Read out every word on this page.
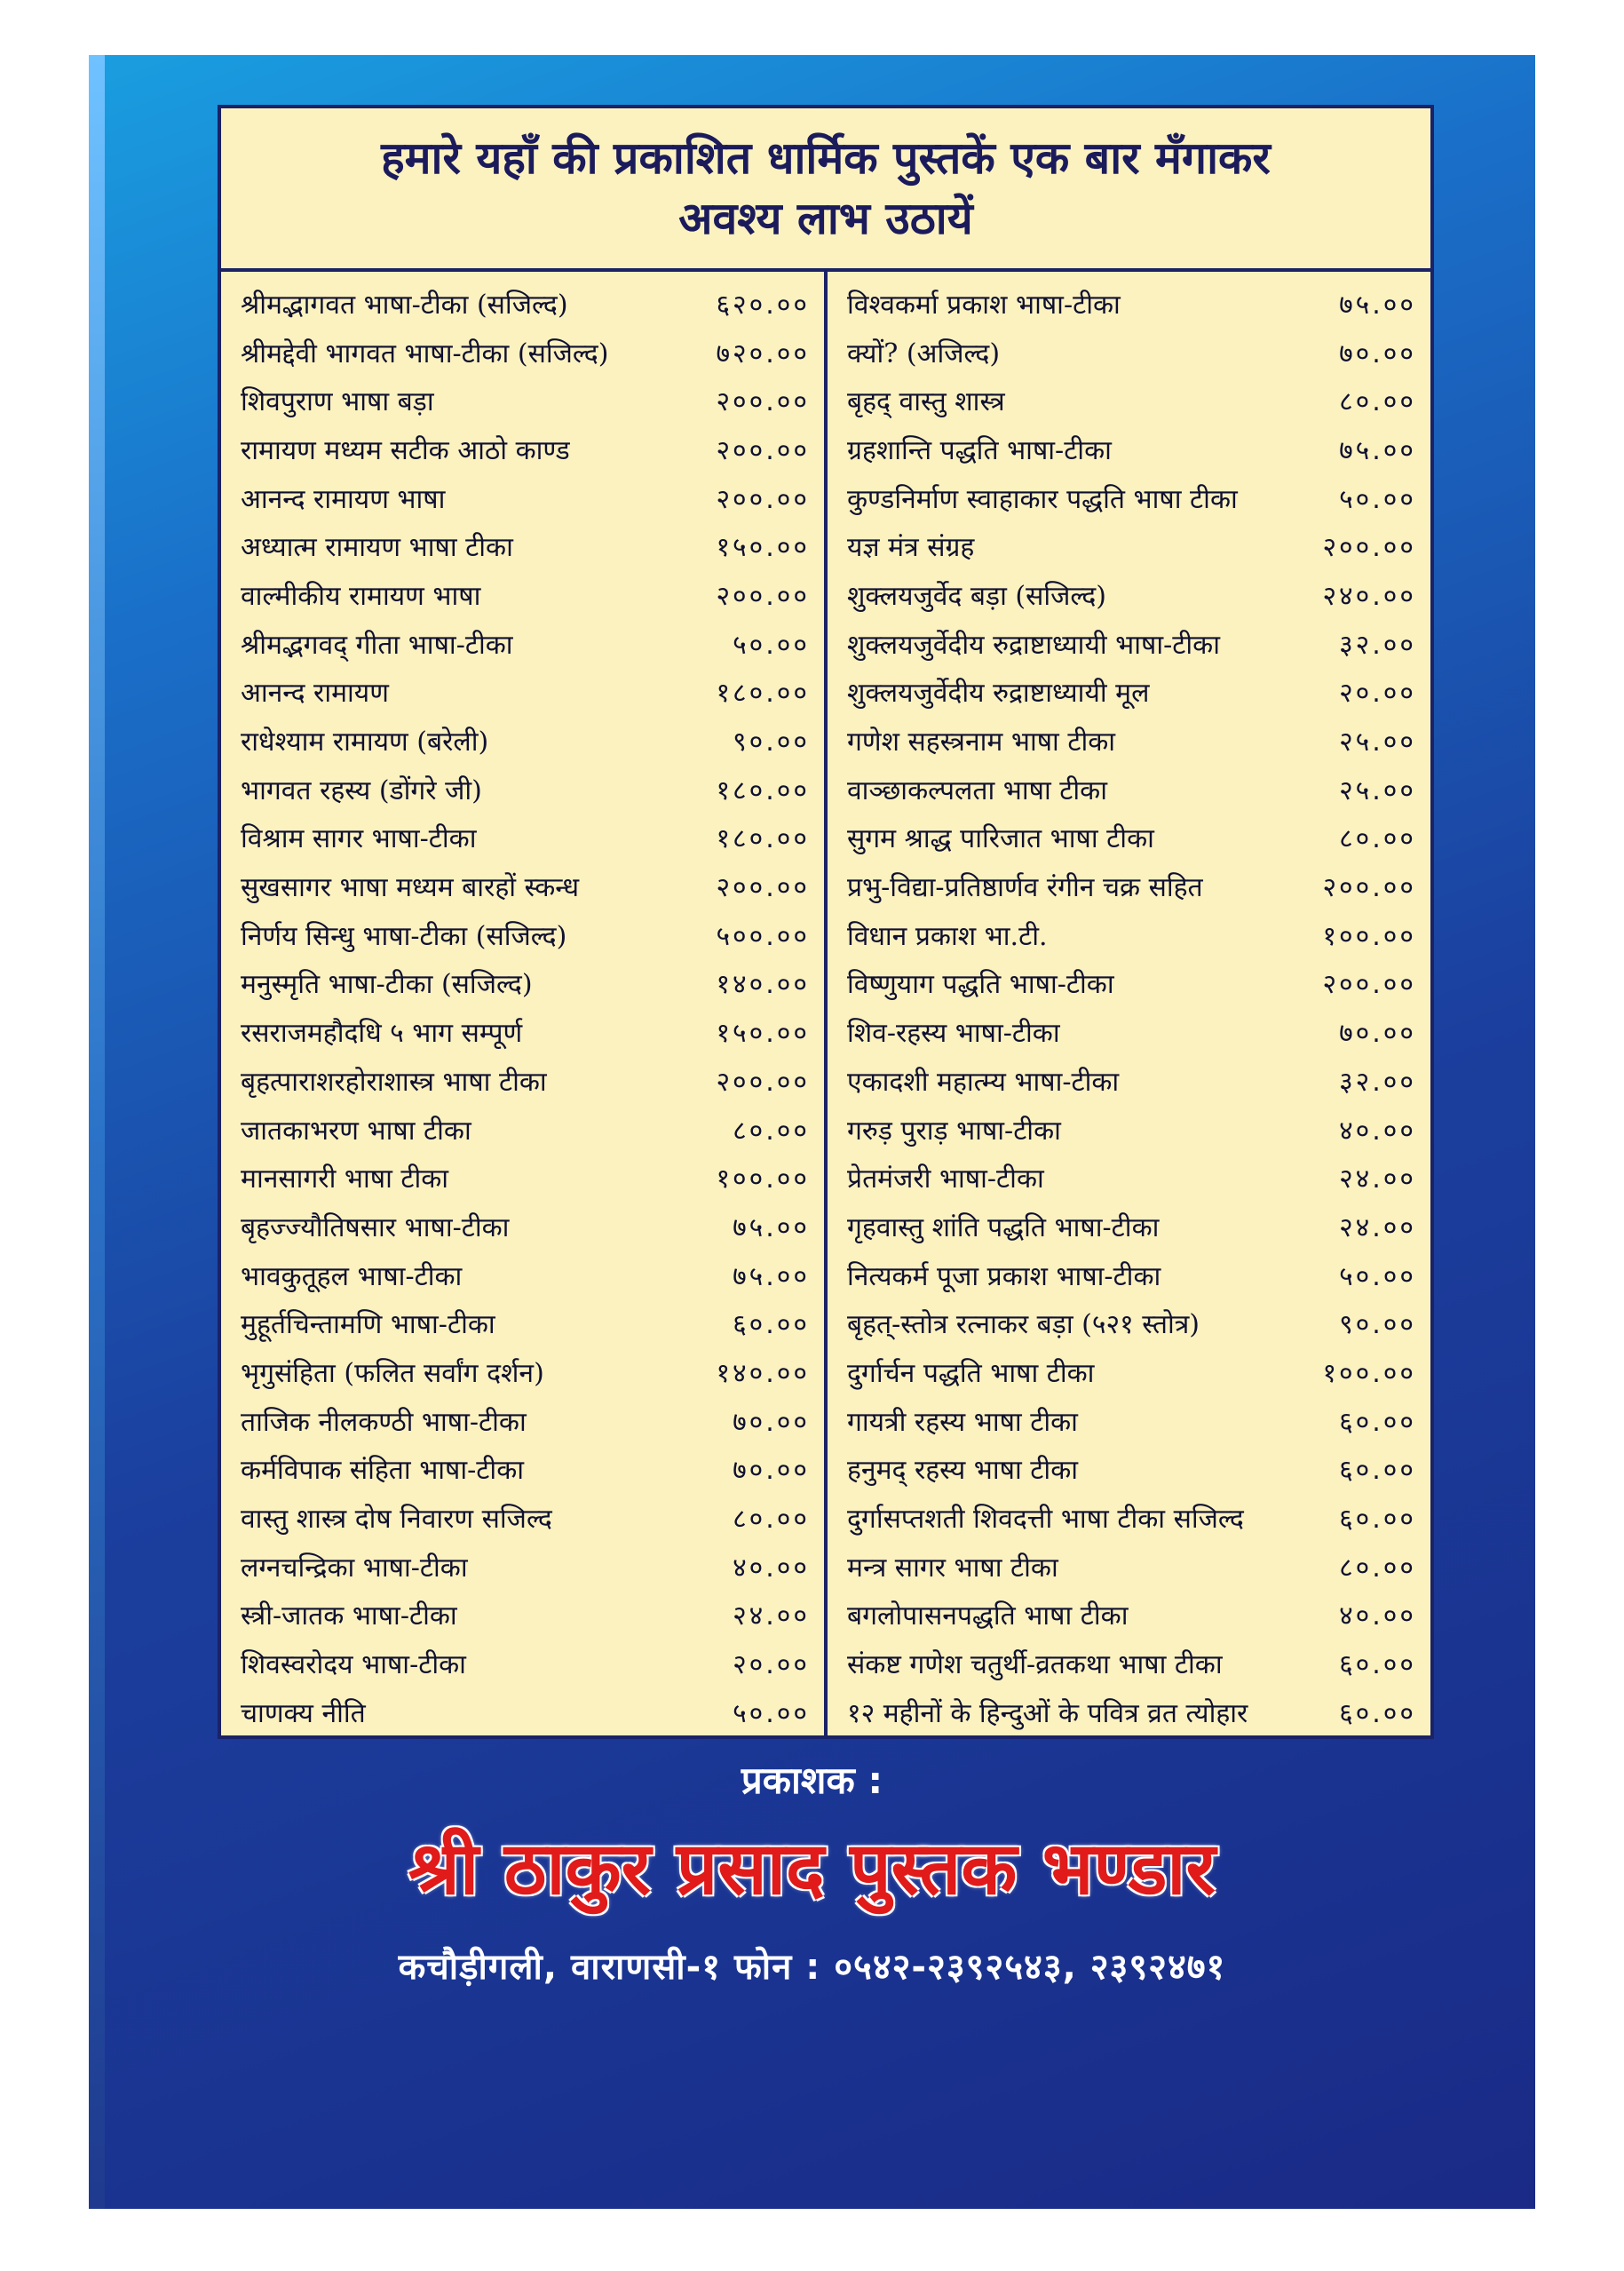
हमारे यहाँ की प्रकाशित धार्मिक पुस्तकें एक बार मँगाकर
अवश्य लाभ उठायें
श्रीमद्भागवत भाषा-टीका (सजिल्द)	६२०.००
श्रीमद्देवी भागवत भाषा-टीका (सजिल्द)	७२०.००
शिवपुराण भाषा बड़ा	२००.००
रामायण मध्यम सटीक आठो काण्ड	२००.००
आनन्द रामायण भाषा	२००.००
अध्यात्म रामायण भाषा टीका	१५०.००
वाल्मीकीय रामायण भाषा	२००.००
श्रीमद्भगवद् गीता भाषा-टीका	५०.००
आनन्द रामायण	१८०.००
राधेश्याम रामायण (बरेली)	९०.००
भागवत रहस्य (डोंगरे जी)	१८०.००
विश्राम सागर भाषा-टीका	१८०.००
सुखसागर भाषा मध्यम बारहों स्कन्ध	२००.००
निर्णय सिन्धु भाषा-टीका (सजिल्द)	५००.००
मनुस्मृति भाषा-टीका (सजिल्द)	१४०.००
रसराजमहौदधि ५ भाग सम्पूर्ण	१५०.००
बृहत्पाराशरहोराशास्त्र भाषा टीका	२००.००
जातकाभरण भाषा टीका	८०.००
मानसागरी भाषा टीका	१००.००
बृहज्ज्यौतिषसार भाषा-टीका	७५.००
भावकुतूहल भाषा-टीका	७५.००
मुहूर्तचिन्तामणि भाषा-टीका	६०.००
भृगुसंहिता (फलित सर्वांग दर्शन)	१४०.००
ताजिक नीलकण्ठी भाषा-टीका	७०.००
कर्मविपाक संहिता भाषा-टीका	७०.००
वास्तु शास्त्र दोष निवारण सजिल्द	८०.००
लग्नचन्द्रिका भाषा-टीका	४०.००
स्त्री-जातक भाषा-टीका	२४.००
शिवस्वरोदय भाषा-टीका	२०.००
चाणक्य नीति	५०.००
विश्वकर्मा प्रकाश भाषा-टीका	७५.००
क्यों? (अजिल्द)	७०.००
बृहद् वास्तु शास्त्र	८०.००
ग्रहशान्ति पद्धति भाषा-टीका	७५.००
कुण्डनिर्माण स्वाहाकार पद्धति भाषा टीका	५०.००
यज्ञ मंत्र संग्रह	२००.००
शुक्लयजुर्वेद बड़ा (सजिल्द)	२४०.००
शुक्लयजुर्वेदीय रुद्राष्टाध्यायी भाषा-टीका	३२.००
शुक्लयजुर्वेदीय रुद्राष्टाध्यायी मूल	२०.००
गणेश सहस्त्रनाम भाषा टीका	२५.००
वाञ्छाकल्पलता भाषा टीका	२५.००
सुगम श्राद्ध पारिजात भाषा टीका	८०.००
प्रभु-विद्या-प्रतिष्ठार्णव रंगीन चक्र सहित	२००.००
विधान प्रकाश भा.टी.	१००.००
विष्णुयाग पद्धति भाषा-टीका	२००.००
शिव-रहस्य भाषा-टीका	७०.००
एकादशी महात्म्य भाषा-टीका	३२.००
गरुड़ पुराड़ भाषा-टीका	४०.००
प्रेतमंजरी भाषा-टीका	२४.००
गृहवास्तु शांति पद्धति भाषा-टीका	२४.००
नित्यकर्म पूजा प्रकाश भाषा-टीका	५०.००
बृहत्-स्तोत्र रत्नाकर बड़ा (५२१ स्तोत्र)	९०.००
दुर्गार्चन पद्धति भाषा टीका	१००.००
गायत्री रहस्य भाषा टीका	६०.००
हनुमद् रहस्य भाषा टीका	६०.००
दुर्गासप्तशती शिवदत्ती भाषा टीका सजिल्द	६०.००
मन्त्र सागर भाषा टीका	८०.००
बगलोपासनपद्धति भाषा टीका	४०.००
संकष्ट गणेश चतुर्थी-व्रतकथा भाषा टीका	६०.००
१२ महीनों के हिन्दुओं के पवित्र व्रत त्योहार	६०.००
प्रकाशक :
श्री ठाकुर प्रसाद पुस्तक भण्डार
कचौड़ीगली, वाराणसी-१ फोन : ०५४२-२३९२५४३, २३९२४७१
